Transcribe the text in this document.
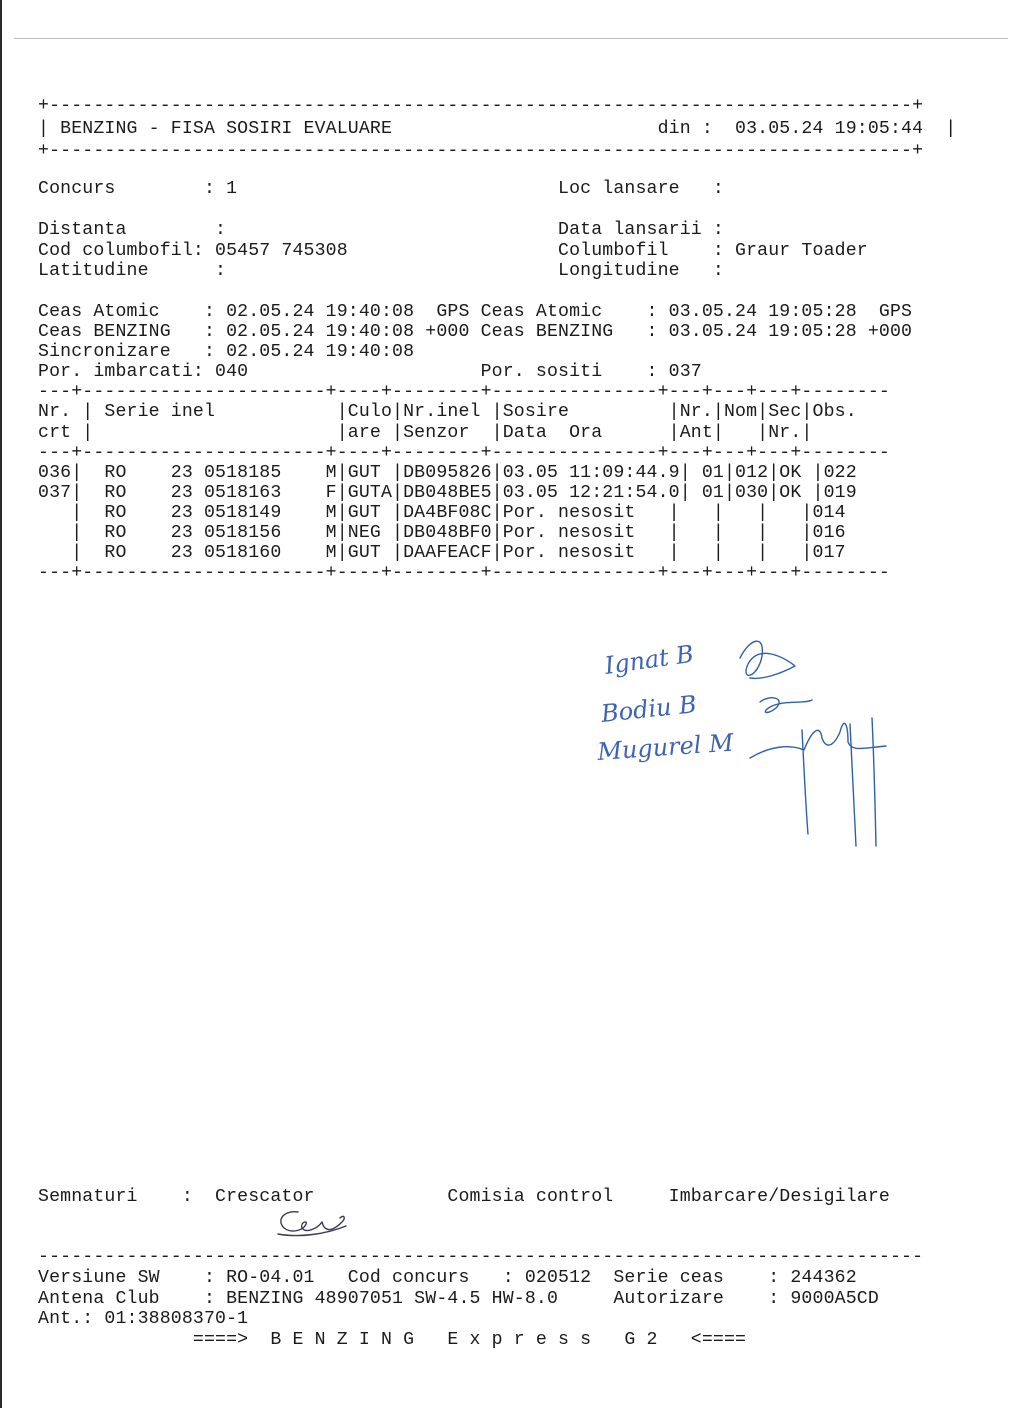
+------------------------------------------------------------------------------+

| BENZING - FISA SOSIRI EVALUARE                        din :  03.05.24 19:05:44  |

+------------------------------------------------------------------------------+

Concurs        : 1                             Loc lansare   :

Distanta        :                              Data lansarii :

Cod columbofil: 05457 745308                   Columbofil    : Graur Toader

Latitudine      :                              Longitudine   :

Ceas Atomic    : 02.05.24 19:40:08  GPS Ceas Atomic    : 03.05.24 19:05:28  GPS

Ceas BENZING   : 02.05.24 19:40:08 +000 Ceas BENZING   : 03.05.24 19:05:28 +000

Sincronizare   : 02.05.24 19:40:08

Por. imbarcati: 040                     Por. sositi    : 037

---+----------------------+----+--------+---------------+---+---+---+--------

Nr. | Serie inel           |Culo|Nr.inel |Sosire         |Nr.|Nom|Sec|Obs.

crt |                      |are |Senzor  |Data  Ora      |Ant|   |Nr.|

---+----------------------+----+--------+---------------+---+---+---+--------

036|  RO    23 0518185    M|GUT |DB095826|03.05 11:09:44.9| 01|012|OK |022

037|  RO    23 0518163    F|GUTA|DB048BE5|03.05 12:21:54.0| 01|030|OK |019

|  RO    23 0518149    M|GUT |DA4BF08C|Por. nesosit   |   |   |   |014

|  RO    23 0518156    M|NEG |DB048BF0|Por. nesosit   |   |   |   |016

|  RO    23 0518160    M|GUT |DAAFEACF|Por. nesosit   |   |   |   |017

---+----------------------+----+--------+---------------+---+---+---+--------

Ignat B
Bodiu B
Mugurel M

Semnaturi    :  Crescator            Comisia control     Imbarcare/Desigilare

--------------------------------------------------------------------------------

Versiune SW    : RO-04.01   Cod concurs   : 020512  Serie ceas    : 244362

Antena Club    : BENZING 48907051 SW-4.5 HW-8.0     Autorizare    : 9000A5CD

Ant.: 01:38808370-1

====>  B E N Z I N G   E x p r e s s   G 2   <====
